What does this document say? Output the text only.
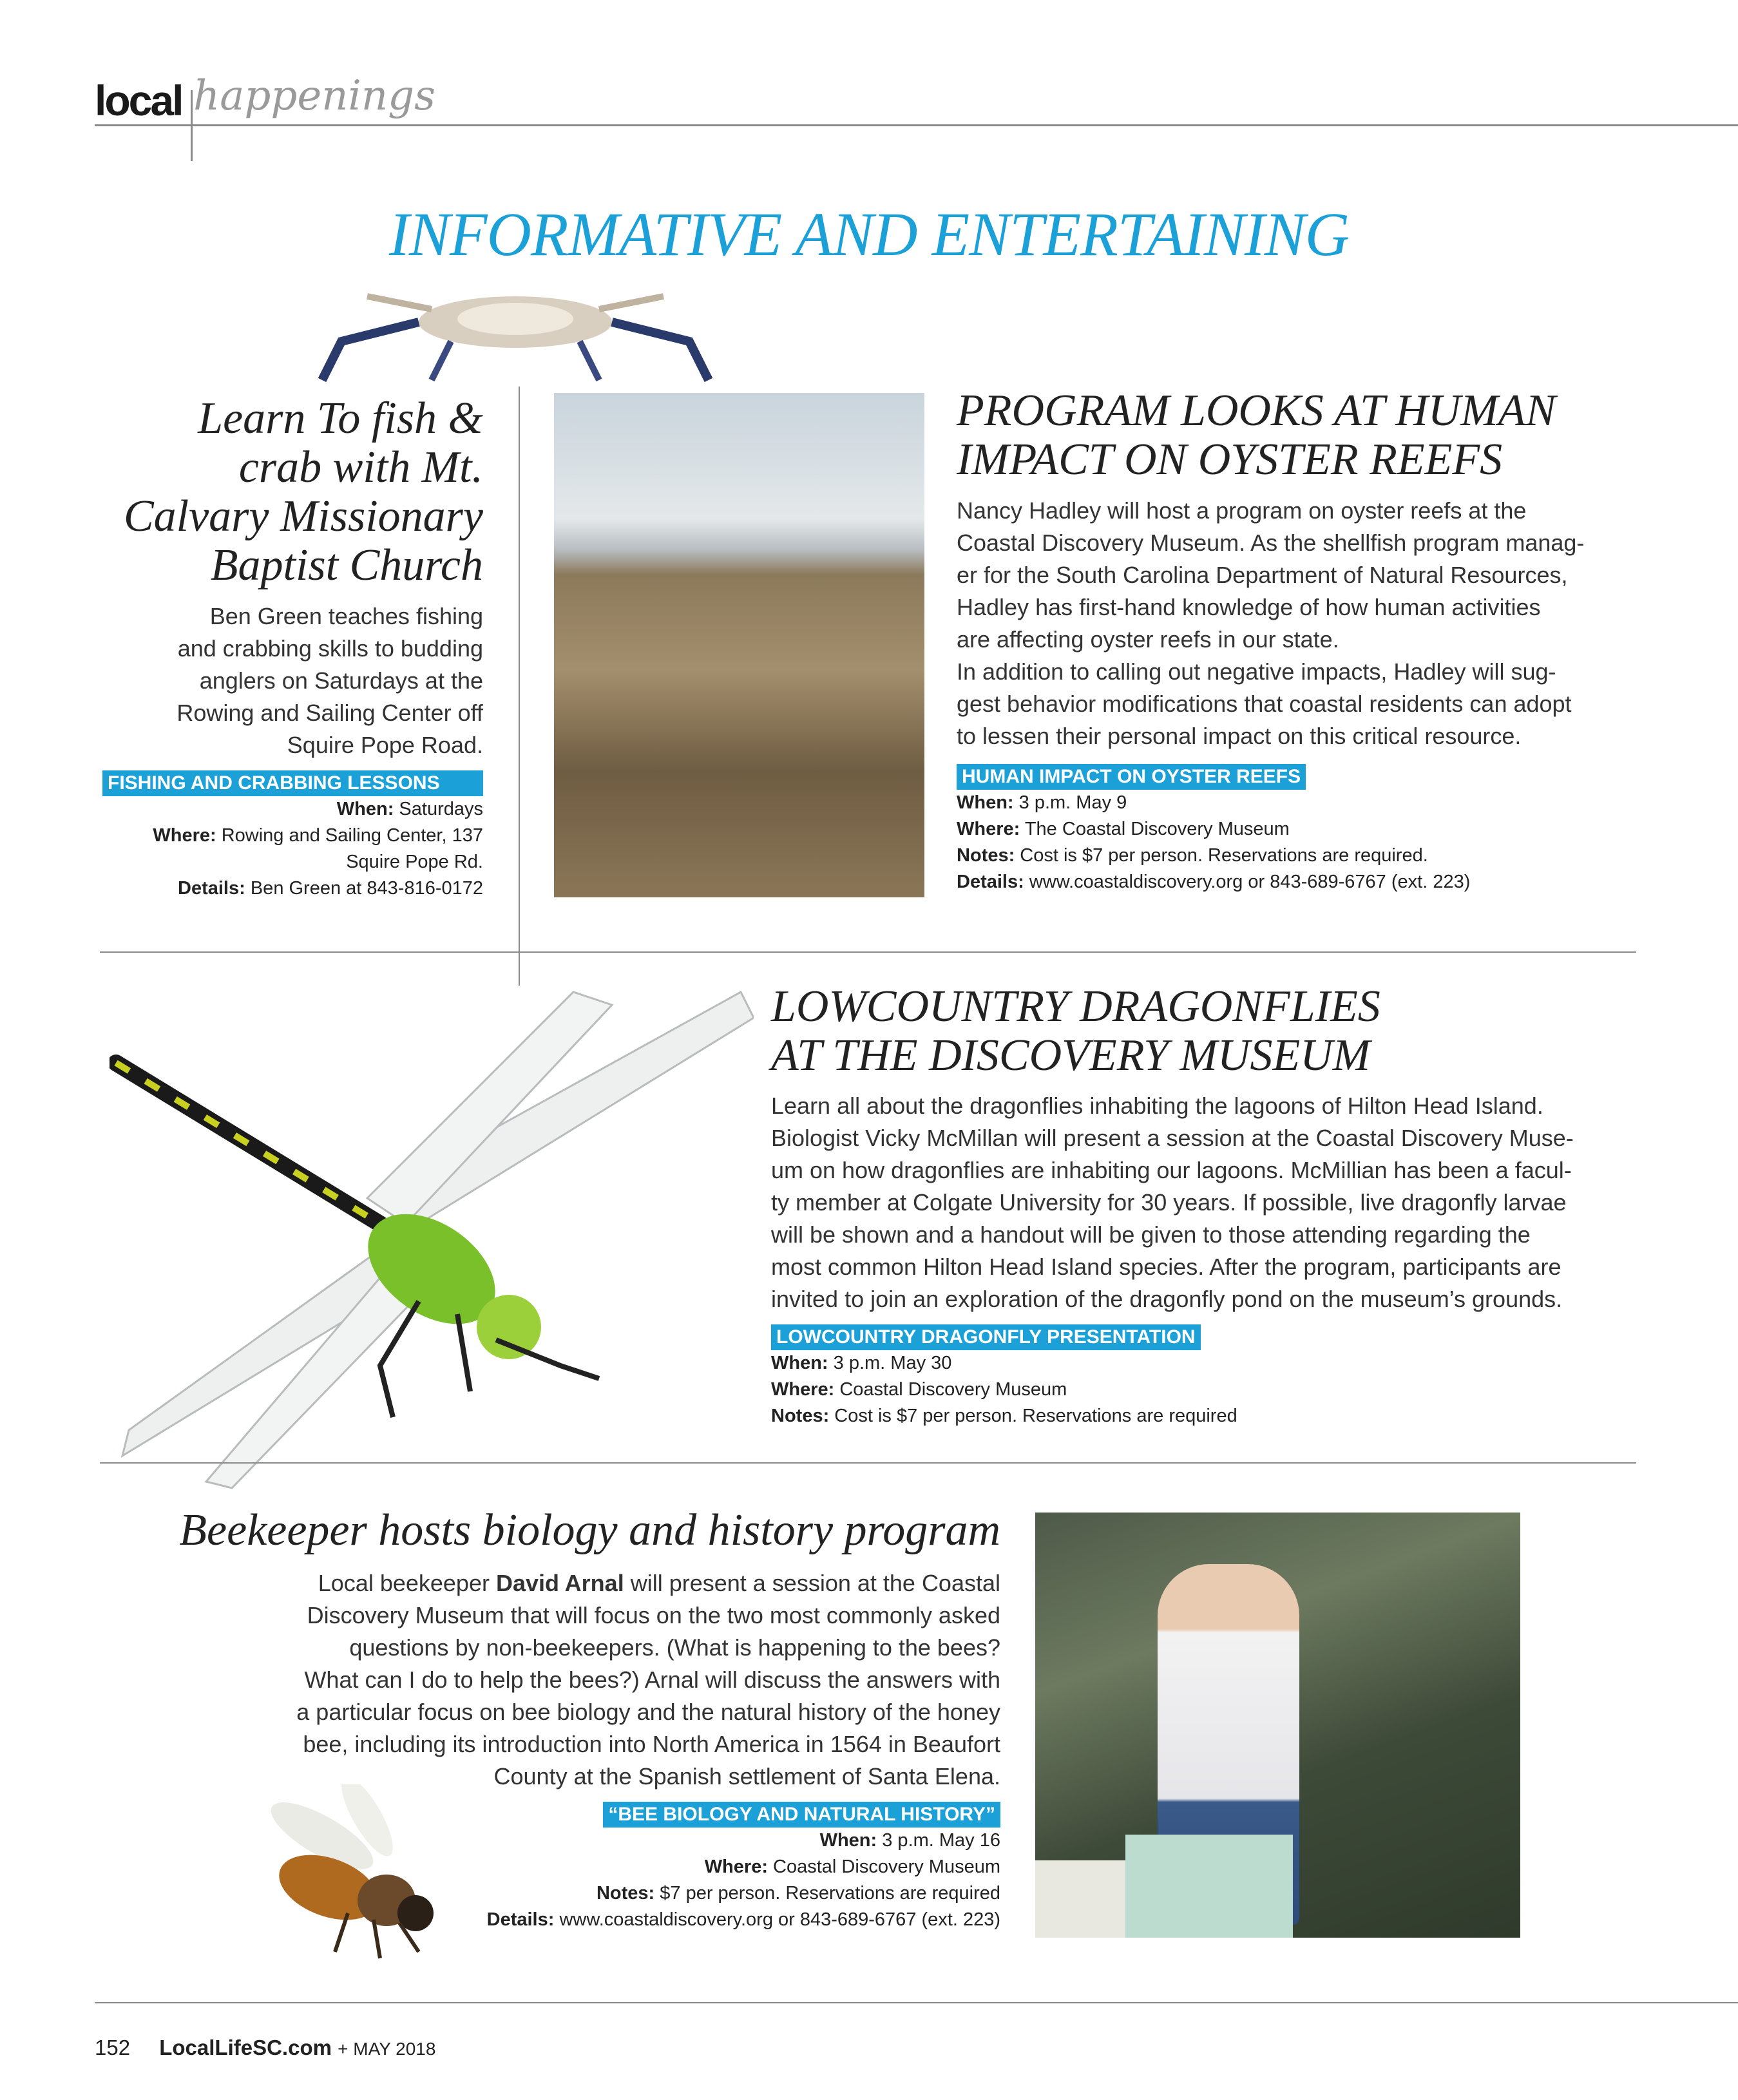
local happenings
INFORMATIVE AND ENTERTAINING
Learn To fish &
crab with Mt.
Calvary Missionary
Baptist Church
Ben Green teaches fishing
and crabbing skills to budding
anglers on Saturdays at the
Rowing and Sailing Center off
Squire Pope Road.
FISHING AND CRABBING LESSONS
When: Saturdays
Where: Rowing and Sailing Center, 137
Squire Pope Rd.
Details: Ben Green at 843-816-0172
PROGRAM LOOKS AT HUMAN
IMPACT ON OYSTER REEFS
Nancy Hadley will host a program on oyster reefs at the
Coastal Discovery Museum. As the shellfish program manag-
er for the South Carolina Department of Natural Resources,
Hadley has first-hand knowledge of how human activities
are affecting oyster reefs in our state.
In addition to calling out negative impacts, Hadley will sug-
gest behavior modifications that coastal residents can adopt
to lessen their personal impact on this critical resource.
HUMAN IMPACT ON OYSTER REEFS
When: 3 p.m. May 9
Where: The Coastal Discovery Museum
Notes: Cost is $7 per person. Reservations are required.
Details: www.coastaldiscovery.org or 843-689-6767 (ext. 223)
LOWCOUNTRY DRAGONFLIES
AT THE DISCOVERY MUSEUM
Learn all about the dragonflies inhabiting the lagoons of Hilton Head Island.
Biologist Vicky McMillan will present a session at the Coastal Discovery Muse-
um on how dragonflies are inhabiting our lagoons. McMillian has been a facul-
ty member at Colgate University for 30 years. If possible, live dragonfly larvae
will be shown and a handout will be given to those attending regarding the
most common Hilton Head Island species. After the program, participants are
invited to join an exploration of the dragonfly pond on the museum’s grounds.
LOWCOUNTRY DRAGONFLY PRESENTATION
When: 3 p.m. May 30
Where: Coastal Discovery Museum
Notes: Cost is $7 per person. Reservations are required
Beekeeper hosts biology and history program
Local beekeeper David Arnal will present a session at the Coastal
Discovery Museum that will focus on the two most commonly asked
questions by non-beekeepers. (What is happening to the bees?
What can I do to help the bees?) Arnal will discuss the answers with
a particular focus on bee biology and the natural history of the honey
bee, including its introduction into North America in 1564 in Beaufort
County at the Spanish settlement of Santa Elena.
“BEE BIOLOGY AND NATURAL HISTORY”
When: 3 p.m. May 16
Where: Coastal Discovery Museum
Notes: $7 per person. Reservations are required
Details: www.coastaldiscovery.org or 843-689-6767 (ext. 223)
152 LocalLifeSC.com + MAY 2018
